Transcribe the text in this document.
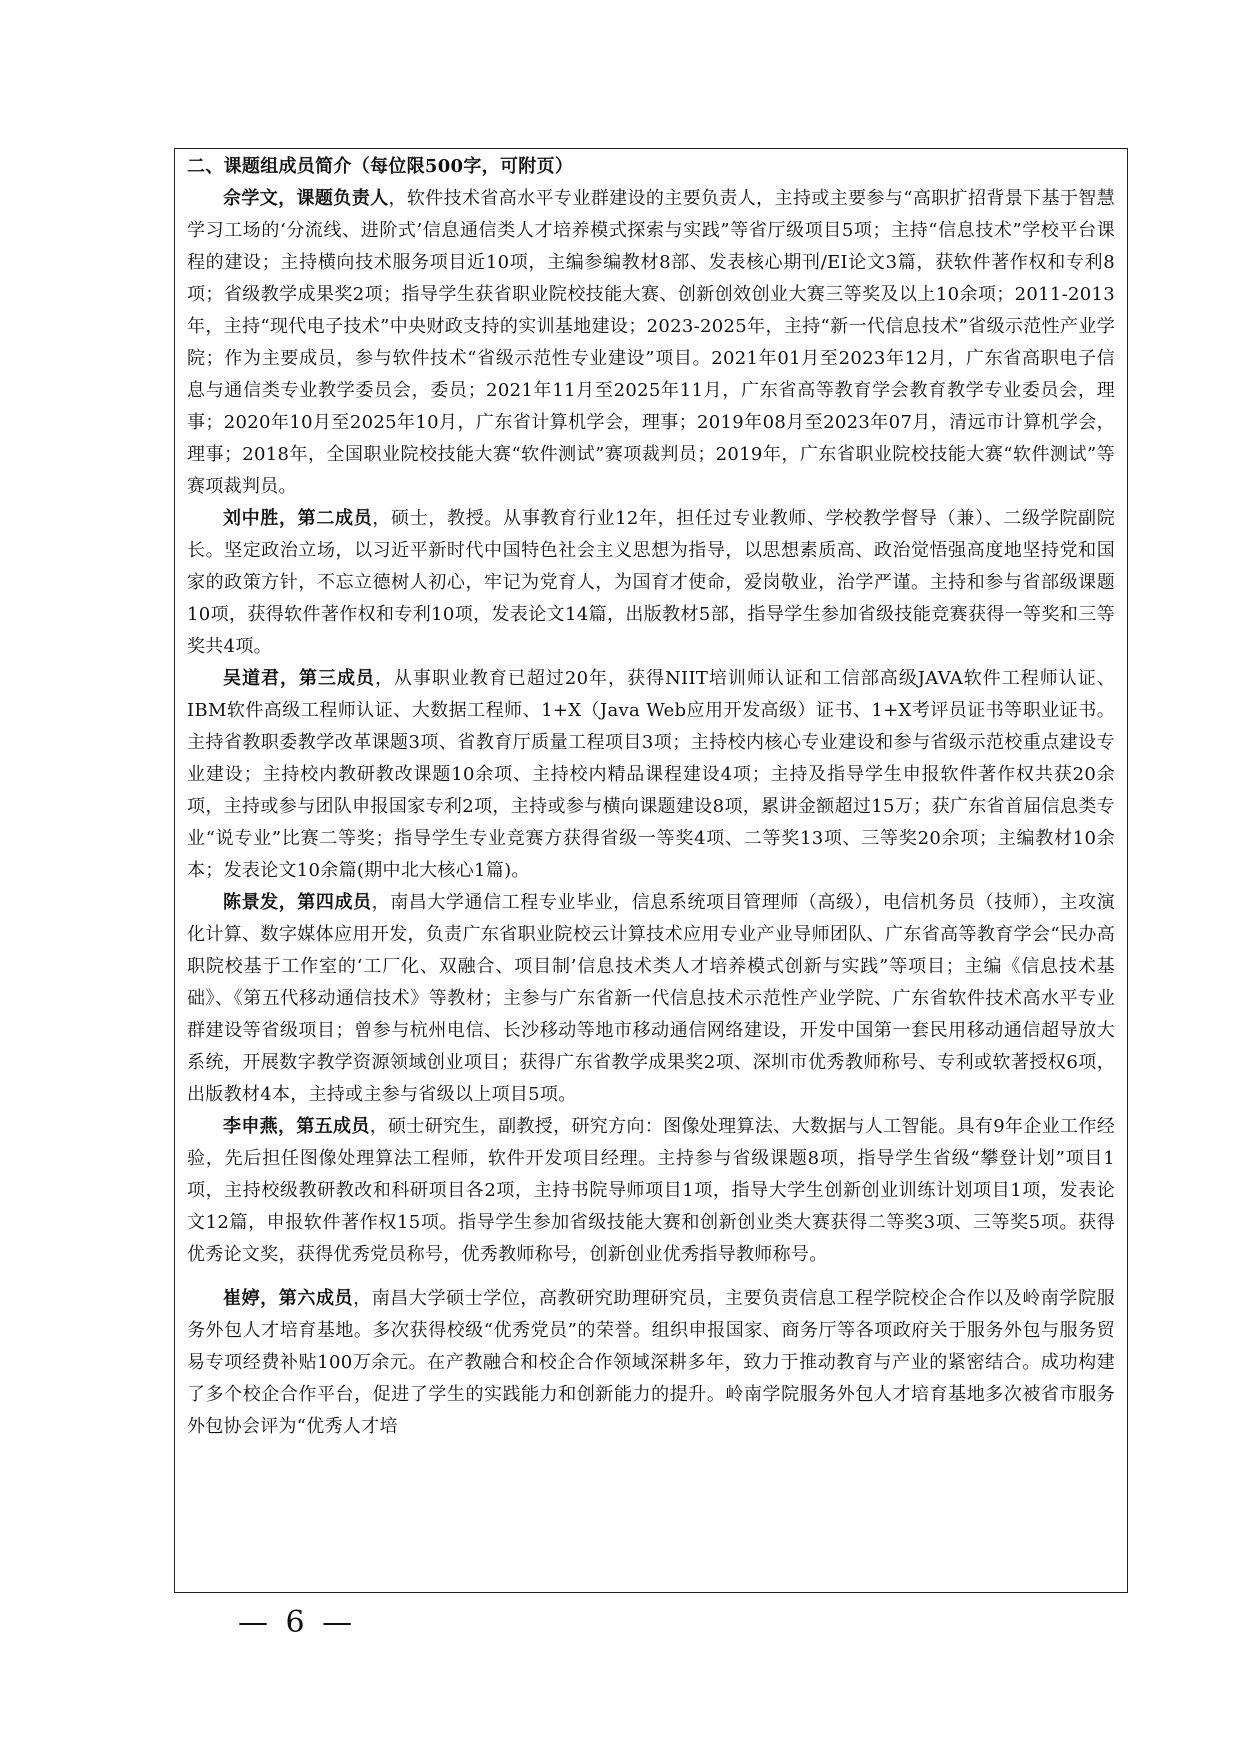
二、课题组成员简介（每位限500字，可附页）

佘学文，课题负责人，软件技术省高水平专业群建设的主要负责人，主持或主要参与“高职扩招背景下基于智慧学习工场的‘分流线、进阶式’信息通信类人才培养模式探索与实践”等省厅级项目5项；主持“信息技术”学校平台课程的建设；主持横向技术服务项目近10项，主编参编教材8部、发表核心期刊/EI论文3篇，获软件著作权和专利8项；省级教学成果奖2项；指导学生获省职业院校技能大赛、创新创效创业大赛三等奖及以上10余项；2011-2013年，主持“现代电子技术”中央财政支持的实训基地建设；2023-2025年，主持“新一代信息技术”省级示范性产业学院；作为主要成员，参与软件技术“省级示范性专业建设”项目。2021年01月至2023年12月，广东省高职电子信息与通信类专业教学委员会，委员；2021年11月至2025年11月，广东省高等教育学会教育教学专业委员会，理事；2020年10月至2025年10月，广东省计算机学会，理事；2019年08月至2023年07月，清远市计算机学会，理事；2018年，全国职业院校技能大赛“软件测试”赛项裁判员；2019年，广东省职业院校技能大赛“软件测试”等赛项裁判员。

刘中胜，第二成员，硕士，教授。从事教育行业12年，担任过专业教师、学校教学督导（兼）、二级学院副院长。坚定政治立场，以习近平新时代中国特色社会主义思想为指导，以思想素质高、政治觉悟强高度地坚持党和国家的政策方针，不忘立德树人初心，牢记为党育人，为国育才使命，爱岗敬业，治学严谨。主持和参与省部级课题10项，获得软件著作权和专利10项，发表论文14篇，出版教材5部，指导学生参加省级技能竞赛获得一等奖和三等奖共4项。

吴道君，第三成员，从事职业教育已超过20年，获得NIIT培训师认证和工信部高级JAVA软件工程师认证、IBM软件高级工程师认证、大数据工程师、1+X（Java Web应用开发高级）证书、1+X考评员证书等职业证书。主持省教职委教学改革课题3项、省教育厅质量工程项目3项；主持校内核心专业建设和参与省级示范校重点建设专业建设；主持校内教研教改课题10余项、主持校内精品课程建设4项；主持及指导学生申报软件著作权共获20余项，主持或参与团队申报国家专利2项，主持或参与横向课题建设8项，累讲金额超过15万；获广东省首届信息类专业“说专业”比赛二等奖；指导学生专业竞赛方获得省级一等奖4项、二等奖13项、三等奖20余项；主编教材10余本；发表论文10余篇(期中北大核心1篇)。

陈景发，第四成员，南昌大学通信工程专业毕业，信息系统项目管理师（高级），电信机务员（技师），主攻演化计算、数字媒体应用开发，负责广东省职业院校云计算技术应用专业产业导师团队、广东省高等教育学会“民办高职院校基于工作室的‘工厂化、双融合、项目制’信息技术类人才培养模式创新与实践”等项目；主编《信息技术基础》、《第五代移动通信技术》等教材；主参与广东省新一代信息技术示范性产业学院、广东省软件技术高水平专业群建设等省级项目；曾参与杭州电信、长沙移动等地市移动通信网络建设，开发中国第一套民用移动通信超导放大系统，开展数字教学资源领域创业项目；获得广东省教学成果奖2项、深圳市优秀教师称号、专利或软著授权6项，出版教材4本，主持或主参与省级以上项目5项。

李申燕，第五成员，硕士研究生，副教授，研究方向：图像处理算法、大数据与人工智能。具有9年企业工作经验，先后担任图像处理算法工程师，软件开发项目经理。主持参与省级课题8项，指导学生省级“攀登计划”项目1项，主持校级教研教改和科研项目各2项，主持书院导师项目1项，指导大学生创新创业训练计划项目1项，发表论文12篇，申报软件著作权15项。指导学生参加省级技能大赛和创新创业类大赛获得二等奖3项、三等奖5项。获得优秀论文奖，获得优秀党员称号，优秀教师称号，创新创业优秀指导教师称号。

崔婷，第六成员，南昌大学硕士学位，高教研究助理研究员，主要负责信息工程学院校企合作以及岭南学院服务外包人才培育基地。多次获得校级“优秀党员”的荣誉。组织申报国家、商务厅等各项政府关于服务外包与服务贸易专项经费补贴100万余元。在产教融合和校企合作领域深耕多年，致力于推动教育与产业的紧密结合。成功构建了多个校企合作平台，促进了学生的实践能力和创新能力的提升。岭南学院服务外包人才培育基地多次被省市服务外包协会评为“优秀人才培

— 6 —
